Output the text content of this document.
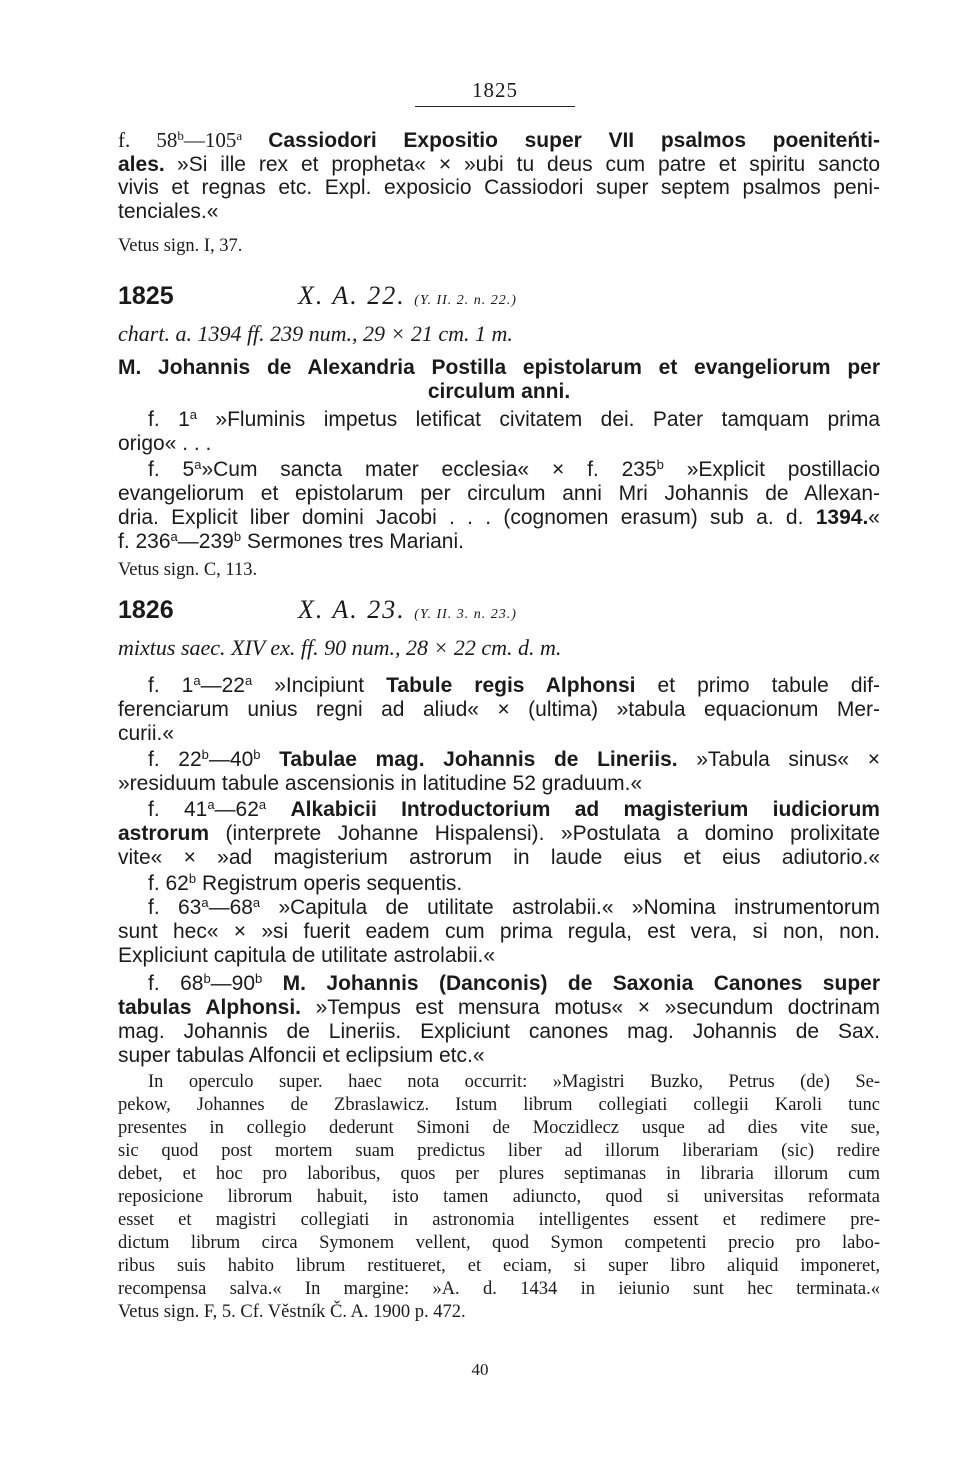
1825
f. 58$^b$—105$^a$ Cassiodori Expositio super VII psalmos poeniteńti-
ales. »Si ille rex et propheta« × »ubi tu deus cum patre et spiritu sancto
vivis et regnas etc. Expl. exposicio Cassiodori super septem psalmos peni-
tenciales.«
Vetus sign. I, 37.
1825	X. A. 22. (Y. II. 2. n. 22.)
chart. a. 1394 ff. 239 num., 29 × 21 cm. 1 m.
M. Johannis de Alexandria Postilla epistolarum et evangeliorum per
circulum anni.
f. 1$^a$ »Fluminis impetus letificat civitatem dei. Pater tamquam prima
origo« . . .
f. 5$^a$»Cum sancta mater ecclesia« × f. 235$^b$ »Explicit postillacio
evangeliorum et epistolarum per circulum anni Mri Johannis de Allexan-
dria. Explicit liber domini Jacobi . . . (cognomen erasum) sub a. d. 1394.«
f. 236$^a$—239$^b$ Sermones tres Mariani.
Vetus sign. C, 113.
1826	X. A. 23. (Y. II. 3. n. 23.)
mixtus saec. XIV ex. ff. 90 num., 28 × 22 cm. d. m.
f. 1$^a$—22$^a$ »Incipiunt Tabule regis Alphonsi et primo tabule dif-
ferenciarum unius regni ad aliud« × (ultima) »tabula equacionum Mer-
curii.«
f. 22$^b$—40$^b$ Tabulae mag. Johannis de Lineriis. »Tabula sinus« ×
»residuum tabule ascensionis in latitudine 52 graduum.«
f. 41$^a$—62$^a$ Alkabicii Introductorium ad magisterium iudiciorum
astrorum (interprete Johanne Hispalensi). »Postulata a domino prolixitate
vite« × »ad magisterium astrorum in laude eius et eius adiutorio.«
f. 62$^b$ Registrum operis sequentis.
f. 63$^a$—68$^a$ »Capitula de utilitate astrolabii.« »Nomina instrumentorum
sunt hec« × »si fuerit eadem cum prima regula, est vera, si non, non.
Expliciunt capitula de utilitate astrolabii.«
f. 68$^b$—90$^b$ M. Johannis (Danconis) de Saxonia Canones super
tabulas Alphonsi. »Tempus est mensura motus« × »secundum doctrinam
mag. Johannis de Lineriis. Expliciunt canones mag. Johannis de Sax.
super tabulas Alfoncii et eclipsium etc.«
In operculo super. haec nota occurrit: »Magistri Buzko, Petrus (de) Se-
pekow, Johannes de Zbraslawicz. Istum librum collegiati collegii Karoli tunc
presentes in collegio dederunt Simoni de Moczidlecz usque ad dies vite sue,
sic quod post mortem suam predictus liber ad illorum liberariam (sic) redire
debet, et hoc pro laboribus, quos per plures septimanas in libraria illorum cum
reposicione librorum habuit, isto tamen adiuncto, quod si universitas reformata
esset et magistri collegiati in astronomia intelligentes essent et redimere pre-
dictum librum circa Symonem vellent, quod Symon competenti precio pro labo-
ribus suis habito librum restitueret, et eciam, si super libro aliquid imponeret,
recompensa salva.« In margine: »A. d. 1434 in ieiunio sunt hec terminata.«
Vetus sign. F, 5. Cf. Věstník Č. A. 1900 p. 472.
40
